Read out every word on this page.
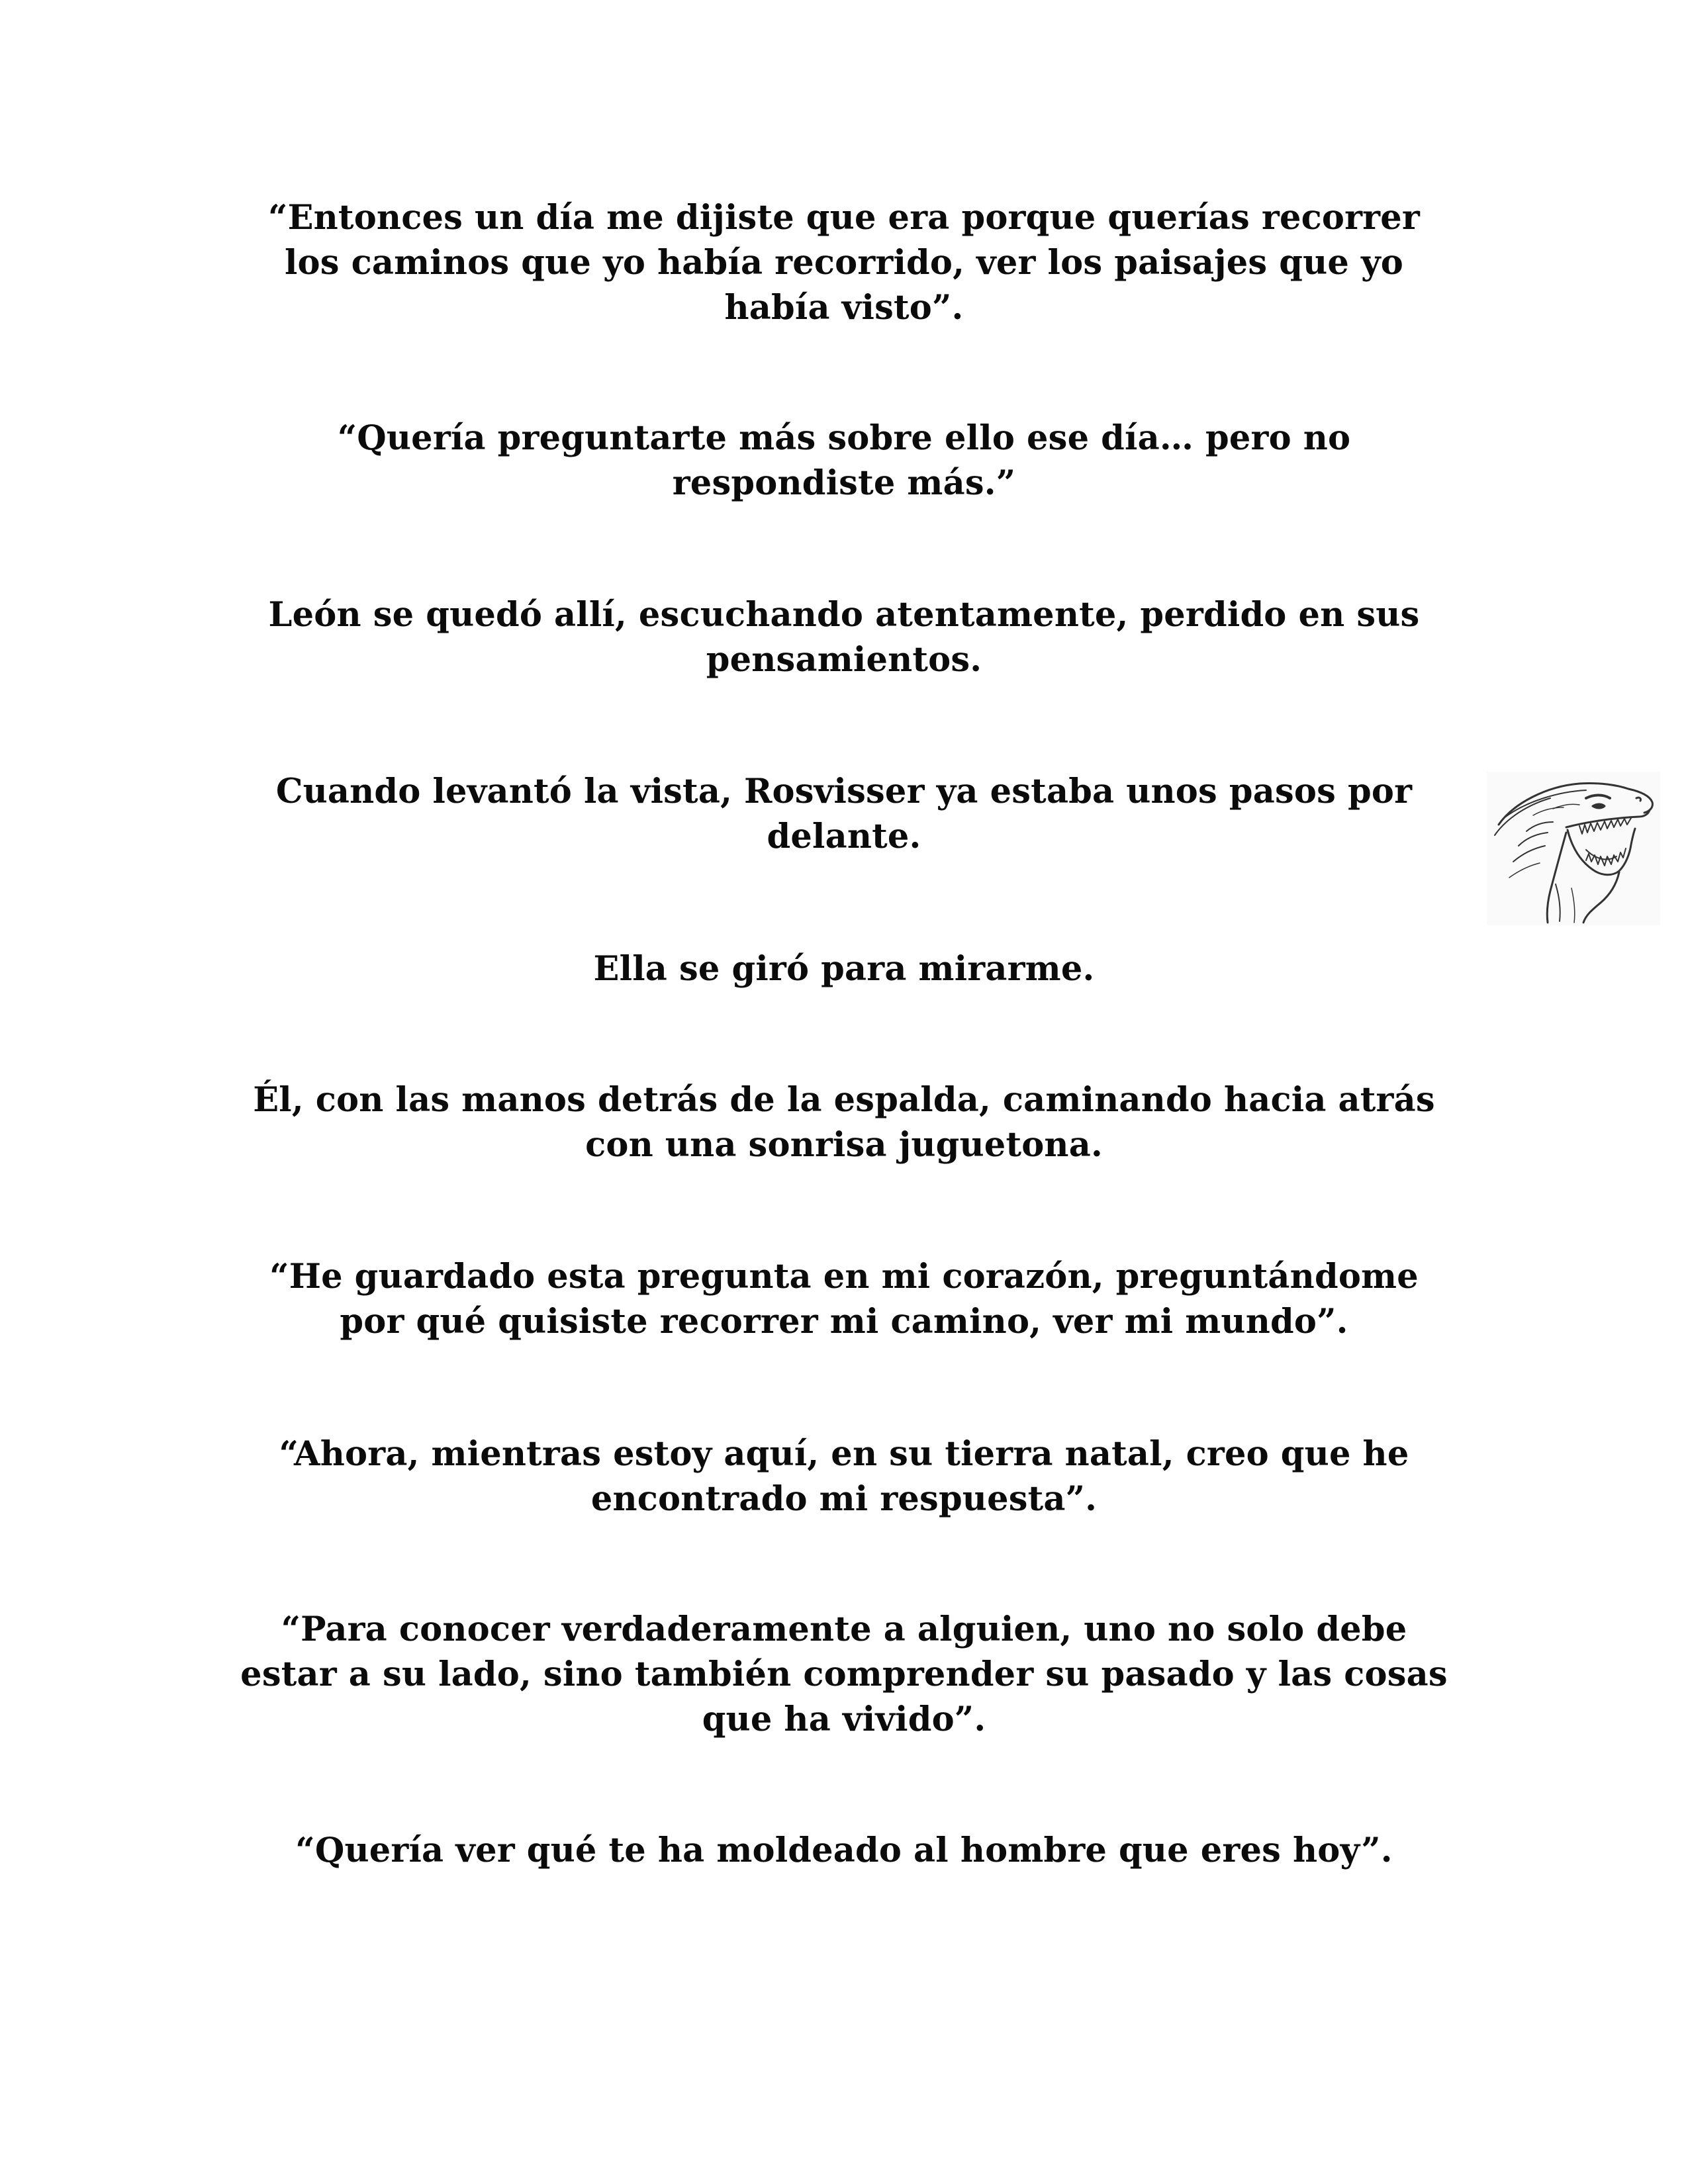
“Entonces un día me dijiste que era porque querías recorrer
los caminos que yo había recorrido, ver los paisajes que yo
había visto”.
“Quería preguntarte más sobre ello ese día… pero no
respondiste más.”
León se quedó allí, escuchando atentamente, perdido en sus
pensamientos.
Cuando levantó la vista, Rosvisser ya estaba unos pasos por
delante.
Ella se giró para mirarme.
Él, con las manos detrás de la espalda, caminando hacia atrás
con una sonrisa juguetona.
“He guardado esta pregunta en mi corazón, preguntándome
por qué quisiste recorrer mi camino, ver mi mundo”.
“Ahora, mientras estoy aquí, en su tierra natal, creo que he
encontrado mi respuesta”.
“Para conocer verdaderamente a alguien, uno no solo debe
estar a su lado, sino también comprender su pasado y las cosas
que ha vivido”.
“Quería ver qué te ha moldeado al hombre que eres hoy”.
